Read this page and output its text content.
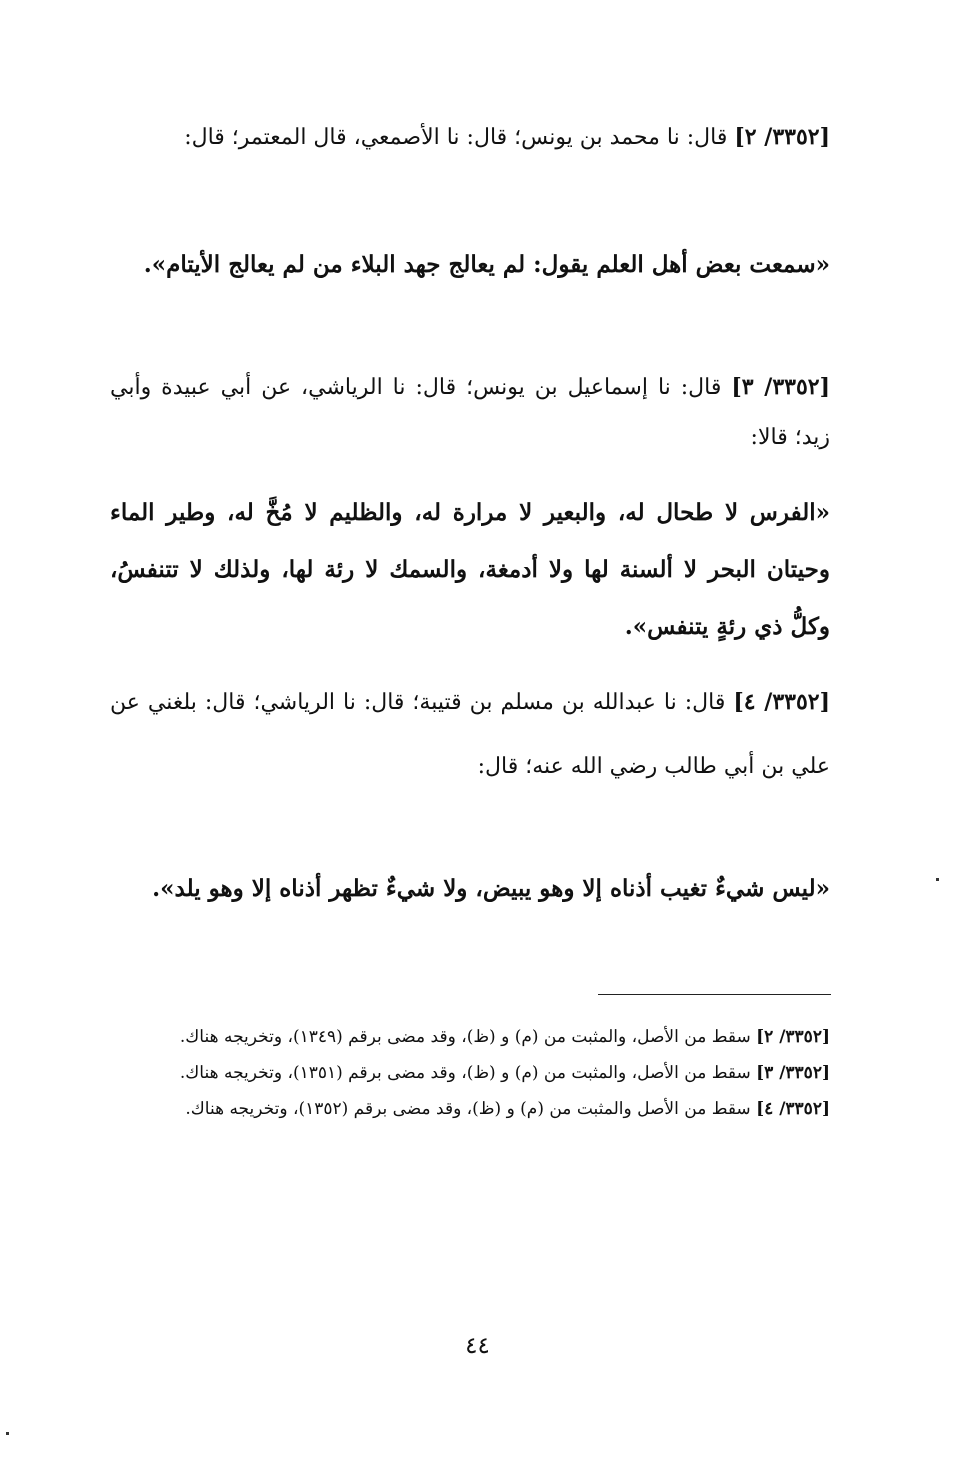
[٣٣٥٢/ ٢] قال: نا محمد بن يونس؛ قال: نا الأصمعي، قال المعتمر؛ قال:
«سمعت بعض أهل العلم يقول: لم يعالج جهد البلاء من لم يعالج الأيتام».
[٣٣٥٢/ ٣] قال: نا إسماعيل بن يونس؛ قال: نا الرياشي، عن أبي عبيدة وأبي زيد؛ قالا:
«الفرس لا طحال له، والبعير لا مرارة له، والظليم لا مُخَّ له، وطير الماء وحيتان البحر لا ألسنة لها ولا أدمغة، والسمك لا رئة لها، ولذلك لا تتنفسُ، وكلُّ ذي رئةٍ يتنفس».
[٣٣٥٢/ ٤] قال: نا عبدالله بن مسلم بن قتيبة؛ قال: نا الرياشي؛ قال: بلغني عن علي بن أبي طالب رضي الله عنه؛ قال:
«ليس شيءٌ تغيب أذناه إلا وهو يبيض، ولا شيءٌ تظهر أذناه إلا وهو يلد».
[٣٣٥٢/ ٢] سقط من الأصل، والمثبت من (م) و (ظ)، وقد مضى برقم (١٣٤٩)، وتخريجه هناك.
[٣٣٥٢/ ٣] سقط من الأصل، والمثبت من (م) و (ظ)، وقد مضى برقم (١٣٥١)، وتخريجه هناك.
[٣٣٥٢/ ٤] سقط من الأصل والمثبت من (م) و (ظ)، وقد مضى برقم (١٣٥٢)، وتخريجه هناك.
٤٤
